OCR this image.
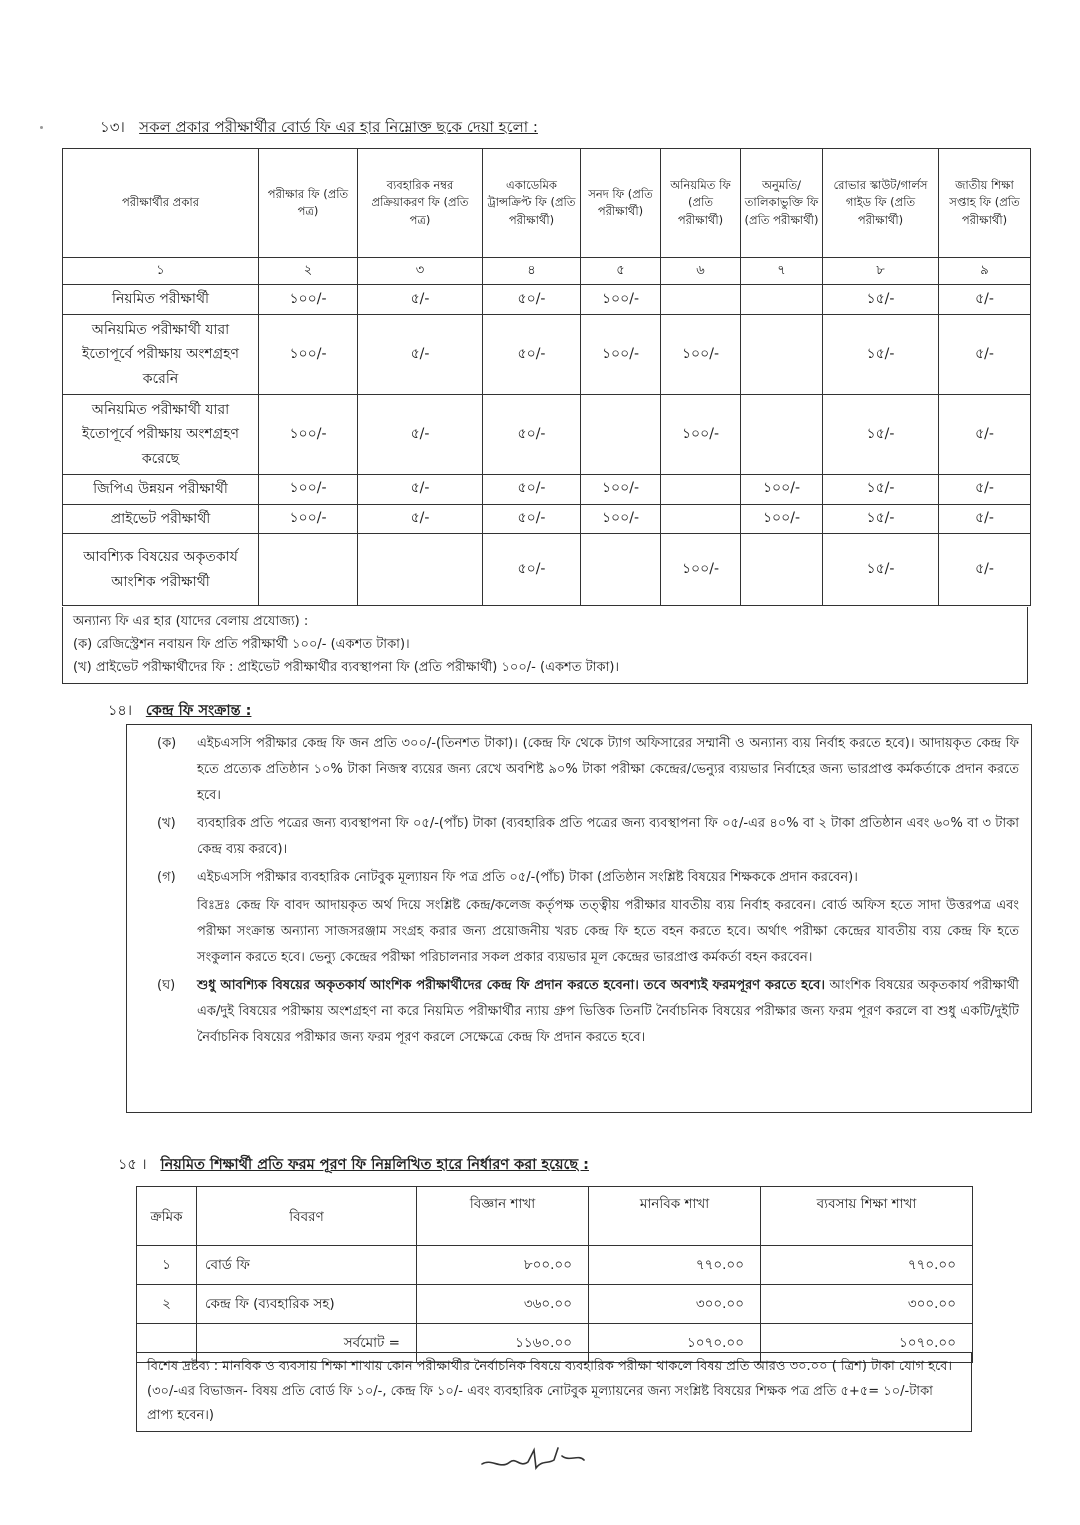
১৩। সকল প্রকার পরীক্ষার্থীর বোর্ড ফি এর হার নিম্নোক্ত ছকে দেয়া হলো :
পরীক্ষার্থীর প্রকার	পরীক্ষার ফি (প্রতি পত্র)	ব্যবহারিক নম্বর প্রক্রিয়াকরণ ফি (প্রতি পত্র)	একাডেমিক ট্রান্সক্রিপ্ট ফি (প্রতি পরীক্ষার্থী)	সনদ ফি (প্রতি পরীক্ষার্থী)	অনিয়মিত ফি (প্রতি পরীক্ষার্থী)	অনুমতি/ তালিকাভুক্তি ফি (প্রতি পরীক্ষার্থী)	রোভার স্কাউট/গার্লস গাইড ফি (প্রতি পরীক্ষার্থী)	জাতীয় শিক্ষা সপ্তাহ ফি (প্রতি পরীক্ষার্থী)
১	২	৩	৪	৫	৬	৭	৮	৯
নিয়মিত পরীক্ষার্থী	১০০/-	৫/-	৫০/-	১০০/-			১৫/-	৫/-
অনিয়মিত পরীক্ষার্থী যারা ইতোপূর্বে পরীক্ষায় অংশগ্রহণ করেনি	১০০/-	৫/-	৫০/-	১০০/-	১০০/-		১৫/-	৫/-
অনিয়মিত পরীক্ষার্থী যারা ইতোপূর্বে পরীক্ষায় অংশগ্রহণ করেছে	১০০/-	৫/-	৫০/-		১০০/-		১৫/-	৫/-
জিপিএ উন্নয়ন পরীক্ষার্থী	১০০/-	৫/-	৫০/-	১০০/-		১০০/-	১৫/-	৫/-
প্রাইভেট পরীক্ষার্থী	১০০/-	৫/-	৫০/-	১০০/-		১০০/-	১৫/-	৫/-
আবশ্যিক বিষয়ের অকৃতকার্য আংশিক পরীক্ষার্থী			৫০/-		১০০/-		১৫/-	৫/-
অন্যান্য ফি এর হার (যাদের বেলায় প্রযোজ্য) :
(ক) রেজিস্ট্রেশন নবায়ন ফি প্রতি পরীক্ষার্থী ১০০/- (একশত টাকা)।
(খ) প্রাইভেট পরীক্ষার্থীদের ফি : প্রাইভেট পরীক্ষার্থীর ব্যবস্থাপনা ফি (প্রতি পরীক্ষার্থী) ১০০/- (একশত টাকা)।
১৪। কেন্দ্র ফি সংক্রান্ত :
(ক) এইচএসসি পরীক্ষার কেন্দ্র ফি জন প্রতি ৩০০/-(তিনশত টাকা)। (কেন্দ্র ফি থেকে ট্যাগ অফিসারের সম্মানী ও অন্যান্য ব্যয় নির্বাহ করতে হবে)। আদায়কৃত কেন্দ্র ফি হতে প্রত্যেক প্রতিষ্ঠান ১০% টাকা নিজস্ব ব্যয়ের জন্য রেখে অবশিষ্ট ৯০% টাকা পরীক্ষা কেন্দ্রের/ভেন্যুর ব্যয়ভার নির্বাহের জন্য ভারপ্রাপ্ত কর্মকর্তাকে প্রদান করতে হবে।
(খ) ব্যবহারিক প্রতি পত্রের জন্য ব্যবস্থাপনা ফি ০৫/-(পাঁচ) টাকা (ব্যবহারিক প্রতি পত্রের জন্য ব্যবস্থাপনা ফি ০৫/-এর ৪০% বা ২ টাকা প্রতিষ্ঠান এবং ৬০% বা ৩ টাকা কেন্দ্র ব্যয় করবে)।
(গ) এইচএসসি পরীক্ষার ব্যবহারিক নোটবুক মূল্যায়ন ফি পত্র প্রতি ০৫/-(পাঁচ) টাকা (প্রতিষ্ঠান সংশ্লিষ্ট বিষয়ের শিক্ষককে প্রদান করবেন)।
বিঃদ্রঃ কেন্দ্র ফি বাবদ আদায়কৃত অর্থ দিয়ে সংশ্লিষ্ট কেন্দ্র/কলেজ কর্তৃপক্ষ তত্ত্বীয় পরীক্ষার যাবতীয় ব্যয় নির্বাহ করবেন। বোর্ড অফিস হতে সাদা উত্তরপত্র এবং পরীক্ষা সংক্রান্ত অন্যান্য সাজসরঞ্জাম সংগ্রহ করার জন্য প্রয়োজনীয় খরচ কেন্দ্র ফি হতে বহন করতে হবে। অর্থাৎ পরীক্ষা কেন্দ্রের যাবতীয় ব্যয় কেন্দ্র ফি হতে সংকুলান করতে হবে। ভেন্যু কেন্দ্রের পরীক্ষা পরিচালনার সকল প্রকার ব্যয়ভার মূল কেন্দ্রের ভারপ্রাপ্ত কর্মকর্তা বহন করবেন।
(ঘ) শুধু আবশ্যিক বিষয়ের অকৃতকার্য আংশিক পরীক্ষার্থীদের কেন্দ্র ফি প্রদান করতে হবেনা। তবে অবশ্যই ফরমপূরণ করতে হবে। আংশিক বিষয়ের অকৃতকার্য পরীক্ষার্থী এক/দুই বিষয়ের পরীক্ষায় অংশগ্রহণ না করে নিয়মিত পরীক্ষার্থীর ন্যায় গ্রুপ ভিত্তিক তিনটি নৈর্বাচনিক বিষয়ের পরীক্ষার জন্য ফরম পূরণ করলে বা শুধু একটি/দুইটি নৈর্বাচনিক বিষয়ের পরীক্ষার জন্য ফরম পূরণ করলে সেক্ষেত্রে কেন্দ্র ফি প্রদান করতে হবে।
১৫ । নিয়মিত শিক্ষার্থী প্রতি ফরম পূরণ ফি নিম্নলিখিত হারে নির্ধারণ করা হয়েছে :
ক্রমিক	বিবরণ	বিজ্ঞান শাখা	মানবিক শাখা	ব্যবসায় শিক্ষা শাখা
১	বোর্ড ফি	৮০০.০০	৭৭০.০০	৭৭০.০০
২	কেন্দ্র ফি (ব্যবহারিক সহ)	৩৬০.০০	৩০০.০০	৩০০.০০
	সর্বমোট =	১১৬০.০০	১০৭০.০০	১০৭০.০০
বিশেষ দ্রষ্টব্য : মানবিক ও ব্যবসায় শিক্ষা শাখায় কোন পরীক্ষার্থীর নৈর্বাচনিক বিষয়ে ব্যবহারিক পরীক্ষা থাকলে বিষয় প্রতি আরও ৩০.০০ ( ত্রিশ) টাকা যোগ হবে। (৩০/-এর বিভাজন- বিষয় প্রতি বোর্ড ফি ১০/-, কেন্দ্র ফি ১০/- এবং ব্যবহারিক নোটবুক মূল্যায়নের জন্য সংশ্লিষ্ট বিষয়ের শিক্ষক পত্র প্রতি ৫+৫= ১০/-টাকা প্রাপ্য হবেন।)
